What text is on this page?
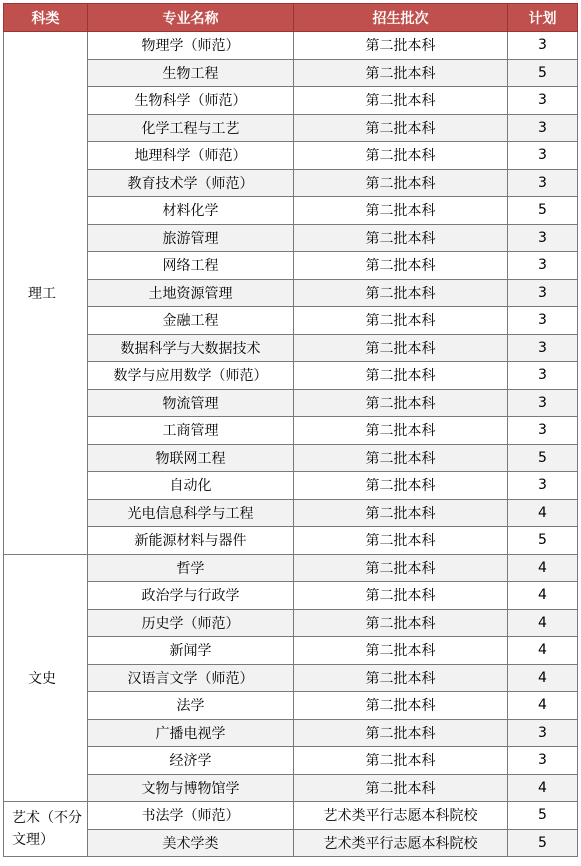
科类	专业名称	招生批次	计划
理工	物理学（师范）	第二批本科	3
	生物工程	第二批本科	5
	生物科学（师范）	第二批本科	3
	化学工程与工艺	第二批本科	3
	地理科学（师范）	第二批本科	3
	教育技术学（师范）	第二批本科	3
	材料化学	第二批本科	5
	旅游管理	第二批本科	3
	网络工程	第二批本科	3
	土地资源管理	第二批本科	3
	金融工程	第二批本科	3
	数据科学与大数据技术	第二批本科	3
	数学与应用数学（师范）	第二批本科	3
	物流管理	第二批本科	3
	工商管理	第二批本科	3
	物联网工程	第二批本科	5
	自动化	第二批本科	3
	光电信息科学与工程	第二批本科	4
	新能源材料与器件	第二批本科	5
文史	哲学	第二批本科	4
	政治学与行政学	第二批本科	4
	历史学（师范）	第二批本科	4
	新闻学	第二批本科	4
	汉语言文学（师范）	第二批本科	4
	法学	第二批本科	4
	广播电视学	第二批本科	3
	经济学	第二批本科	3
	文物与博物馆学	第二批本科	4
艺术（不分文理）	书法学（师范）	艺术类平行志愿本科院校	5
	美术学类	艺术类平行志愿本科院校	5
